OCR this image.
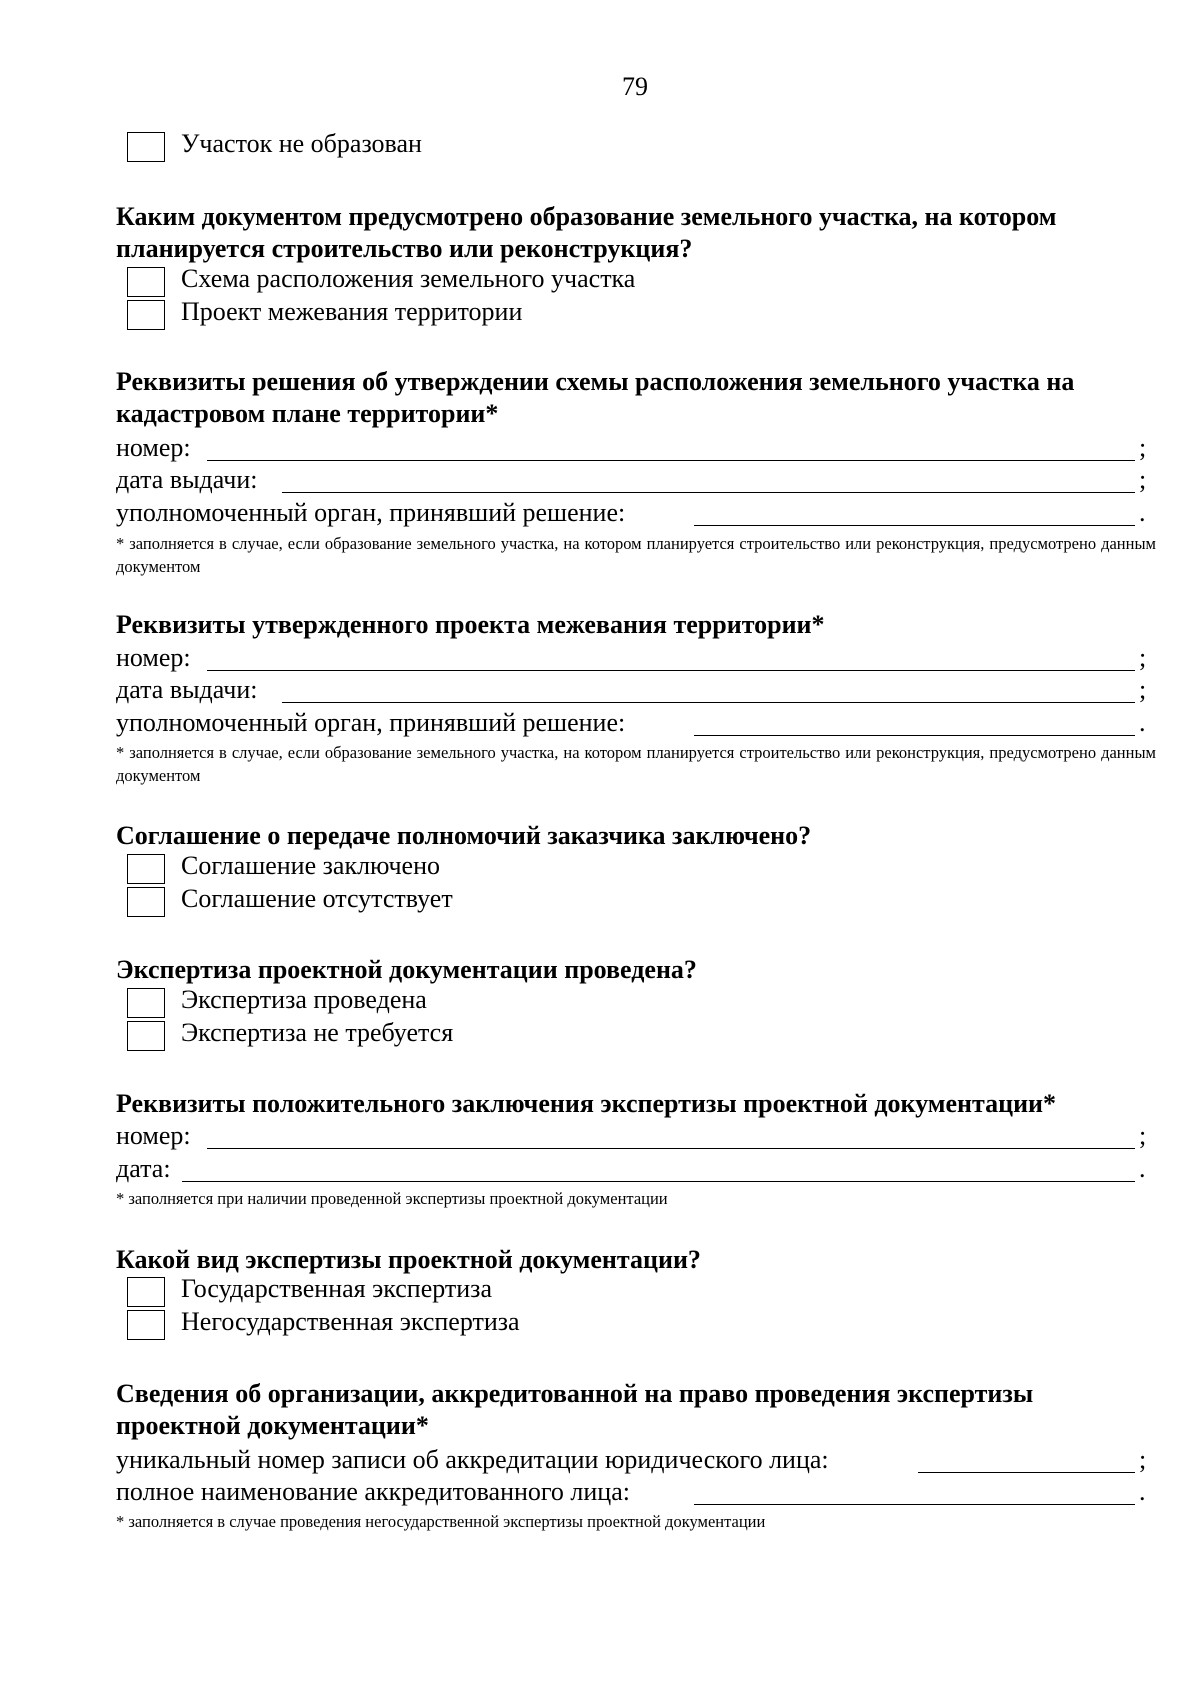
79
Участок не образован
Каким документом предусмотрено образование земельного участка, на котором планируется строительство или реконструкция?
Схема расположения земельного участка
Проект межевания территории
Реквизиты решения об утверждении схемы расположения земельного участка на кадастровом плане территории*
номер:	;
дата выдачи:	;
уполномоченный орган, принявший решение:	.
* заполняется в случае, если образование земельного участка, на котором планируется строительство или реконструкция, предусмотрено данным документом
Реквизиты утвержденного проекта межевания территории*
номер:	;
дата выдачи:	;
уполномоченный орган, принявший решение:	.
* заполняется в случае, если образование земельного участка, на котором планируется строительство или реконструкция, предусмотрено данным документом
Соглашение о передаче полномочий заказчика заключено?
Соглашение заключено
Соглашение отсутствует
Экспертиза проектной документации проведена?
Экспертиза проведена
Экспертиза не требуется
Реквизиты положительного заключения экспертизы проектной документации*
номер:	;
дата:	.
* заполняется при наличии проведенной экспертизы проектной документации
Какой вид экспертизы проектной документации?
Государственная экспертиза
Негосударственная экспертиза
Сведения об организации, аккредитованной на право проведения экспертизы проектной документации*
уникальный номер записи об аккредитации юридического лица:	;
полное наименование аккредитованного лица:	.
* заполняется в случае проведения негосударственной экспертизы проектной документации
